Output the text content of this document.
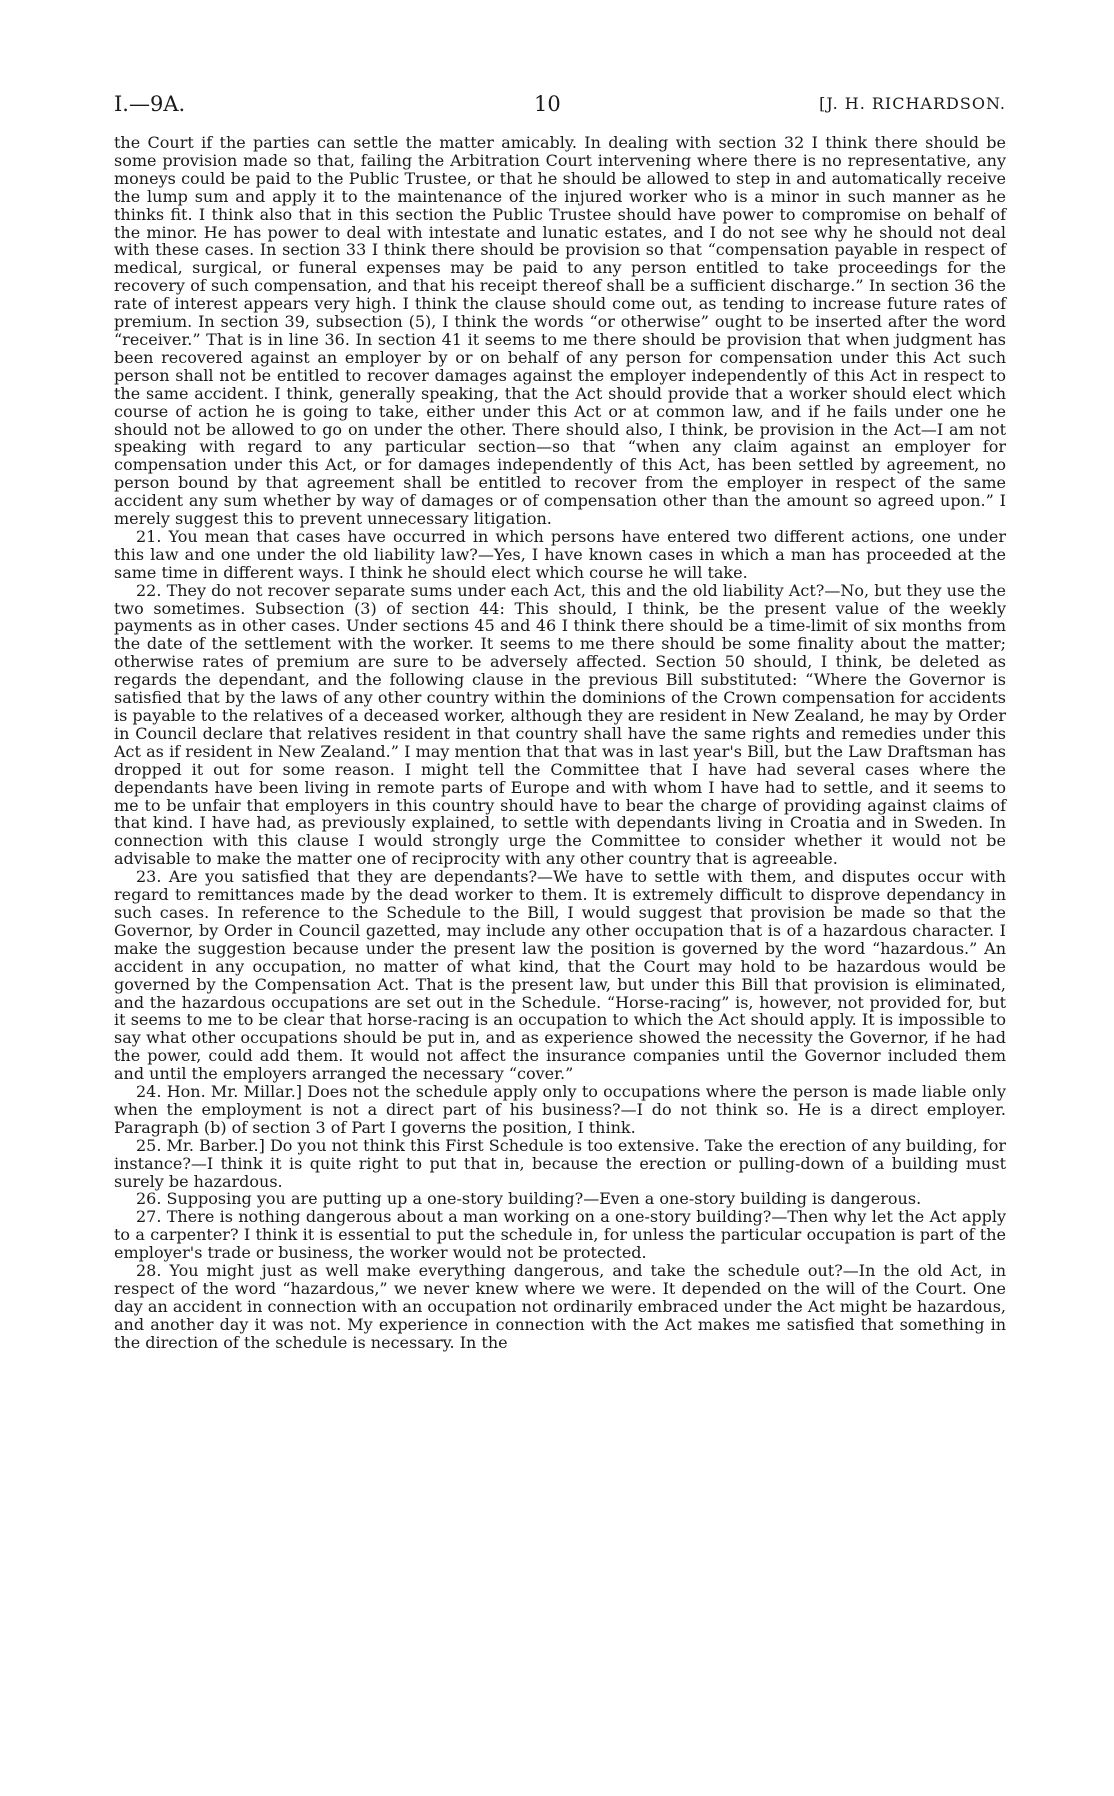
I.—9A.	10	[J. H. RICHARDSON.

the Court if the parties can settle the matter amicably. In dealing with section 32 I think there should be some provision made so that, failing the Arbitration Court intervening where there is no representative, any moneys could be paid to the Public Trustee, or that he should be allowed to step in and automatically receive the lump sum and apply it to the maintenance of the injured worker who is a minor in such manner as he thinks fit. I think also that in this section the Public Trustee should have power to compromise on behalf of the minor. He has power to deal with intestate and lunatic estates, and I do not see why he should not deal with these cases. In section 33 I think there should be provision so that “compensation payable in respect of medical, surgical, or funeral expenses may be paid to any person entitled to take proceedings for the recovery of such compensation, and that his receipt thereof shall be a sufficient discharge.” In section 36 the rate of interest appears very high. I think the clause should come out, as tending to increase future rates of premium. In section 39, subsection (5), I think the words “or otherwise” ought to be inserted after the word “receiver.” That is in line 36. In section 41 it seems to me there should be provision that when judgment has been recovered against an employer by or on behalf of any person for compensation under this Act such person shall not be entitled to recover damages against the employer independently of this Act in respect to the same accident. I think, generally speaking, that the Act should provide that a worker should elect which course of action he is going to take, either under this Act or at common law, and if he fails under one he should not be allowed to go on under the other. There should also, I think, be provision in the Act—I am not speaking with regard to any particular section—so that “when any claim against an employer for compensation under this Act, or for damages independently of this Act, has been settled by agreement, no person bound by that agreement shall be entitled to recover from the employer in respect of the same accident any sum whether by way of damages or of compensation other than the amount so agreed upon.” I merely suggest this to prevent unnecessary litigation.

21. You mean that cases have occurred in which persons have entered two different actions, one under this law and one under the old liability law?—Yes, I have known cases in which a man has proceeded at the same time in different ways. I think he should elect which course he will take.

22. They do not recover separate sums under each Act, this and the old liability Act?—No, but they use the two sometimes. Subsection (3) of section 44: This should, I think, be the present value of the weekly payments as in other cases. Under sections 45 and 46 I think there should be a time-limit of six months from the date of the settlement with the worker. It seems to me there should be some finality about the matter; otherwise rates of premium are sure to be adversely affected. Section 50 should, I think, be deleted as regards the dependant, and the following clause in the previous Bill substituted: “Where the Governor is satisfied that by the laws of any other country within the dominions of the Crown compensation for accidents is payable to the relatives of a deceased worker, although they are resident in New Zealand, he may by Order in Council declare that relatives resident in that country shall have the same rights and remedies under this Act as if resident in New Zealand.” I may mention that that was in last year's Bill, but the Law Draftsman has dropped it out for some reason. I might tell the Committee that I have had several cases where the dependants have been living in remote parts of Europe and with whom I have had to settle, and it seems to me to be unfair that employers in this country should have to bear the charge of providing against claims of that kind. I have had, as previously explained, to settle with dependants living in Croatia and in Sweden. In connection with this clause I would strongly urge the Committee to consider whether it would not be advisable to make the matter one of reciprocity with any other country that is agreeable.

23. Are you satisfied that they are dependants?—We have to settle with them, and disputes occur with regard to remittances made by the dead worker to them. It is extremely difficult to disprove dependancy in such cases. In reference to the Schedule to the Bill, I would suggest that provision be made so that the Governor, by Order in Council gazetted, may include any other occupation that is of a hazardous character. I make the suggestion because under the present law the position is governed by the word “hazardous.” An accident in any occupation, no matter of what kind, that the Court may hold to be hazardous would be governed by the Compensation Act. That is the present law, but under this Bill that provision is eliminated, and the hazardous occupations are set out in the Schedule. “Horse-racing” is, however, not provided for, but it seems to me to be clear that horse-racing is an occupation to which the Act should apply. It is impossible to say what other occupations should be put in, and as experience showed the necessity the Governor, if he had the power, could add them. It would not affect the insurance companies until the Governor included them and until the employers arranged the necessary “cover.”

24. Hon. Mr. Millar.] Does not the schedule apply only to occupations where the person is made liable only when the employment is not a direct part of his business?—I do not think so. He is a direct employer. Paragraph (b) of section 3 of Part I governs the position, I think.

25. Mr. Barber.] Do you not think this First Schedule is too extensive. Take the erection of any building, for instance?—I think it is quite right to put that in, because the erection or pulling-down of a building must surely be hazardous.

26. Supposing you are putting up a one-story building?—Even a one-story building is dangerous.

27. There is nothing dangerous about a man working on a one-story building?—Then why let the Act apply to a carpenter? I think it is essential to put the schedule in, for unless the particular occupation is part of the employer's trade or business, the worker would not be protected.

28. You might just as well make everything dangerous, and take the schedule out?—In the old Act, in respect of the word “hazardous,” we never knew where we were. It depended on the will of the Court. One day an accident in connection with an occupation not ordinarily embraced under the Act might be hazardous, and another day it was not. My experience in connection with the Act makes me satisfied that something in the direction of the schedule is necessary. In the
